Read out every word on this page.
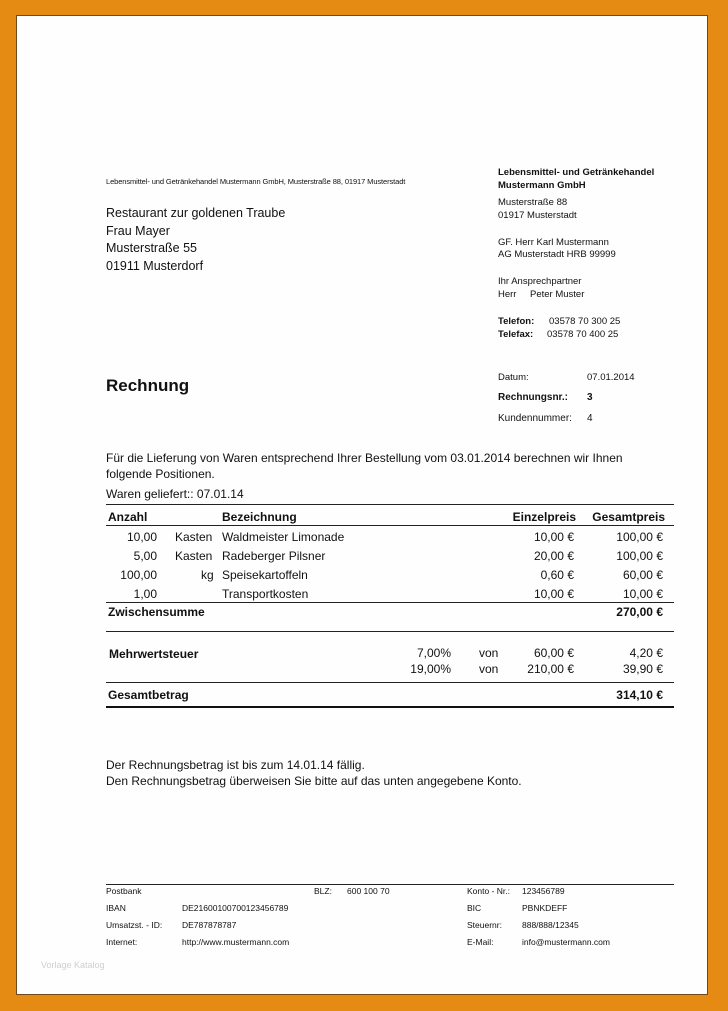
Lebensmittel- und Getränkehandel Mustermann GmbH, Musterstraße 88, 01917 Musterstadt
Restaurant zur goldenen Traube
Frau Mayer
Musterstraße 55
01911 Musterdorf
Lebensmittel- und Getränkehandel
Mustermann GmbH
Musterstraße 88
01917 Musterstadt
GF. Herr Karl Mustermann
AG Musterstadt HRB 99999
Ihr Ansprechpartner
Herr Peter Muster
Telefon: 03578 70 300 25
Telefax: 03578 70 400 25
Rechnung	Datum:	07.01.2014
Rechnungsnr.: 3
Kundennummer: 4
Für die Lieferung von Waren entsprechend Ihrer Bestellung vom 03.01.2014 berechnen wir Ihnen
folgende Positionen.
Waren geliefert:: 07.01.14
Anzahl	Bezeichnung	Einzelpreis Gesamtpreis
10,00 Kasten Waldmeister Limonade	10,00 €	100,00 €
5,00 Kasten Radeberger Pilsner	20,00 €	100,00 €
100,00	kg Speisekartoffeln	0,60 €	60,00 €
1,00	Transportkosten	10,00 €	10,00 €
Zwischensumme	270,00 €
Mehrwertsteuer	7,00% von	60,00 €	4,20 €
19,00% von 210,00 €	39,90 €
Gesamtbetrag	314,10 €
Der Rechnungsbetrag ist bis zum 14.01.14 fällig.
Den Rechnungsbetrag überweisen Sie bitte auf das unten angegebene Konto.
Postbank	BLZ: 600 100 70	Konto - Nr.: 123456789
IBAN	DE21600100700123456789	BIC	PBNKDEFF
Umsatzst. - ID: DE787878787	Steuernr: 888/888/12345
Internet:	http://www.mustermann.com	E-Mail:	info@mustermann.com
Vorlage Katalog
